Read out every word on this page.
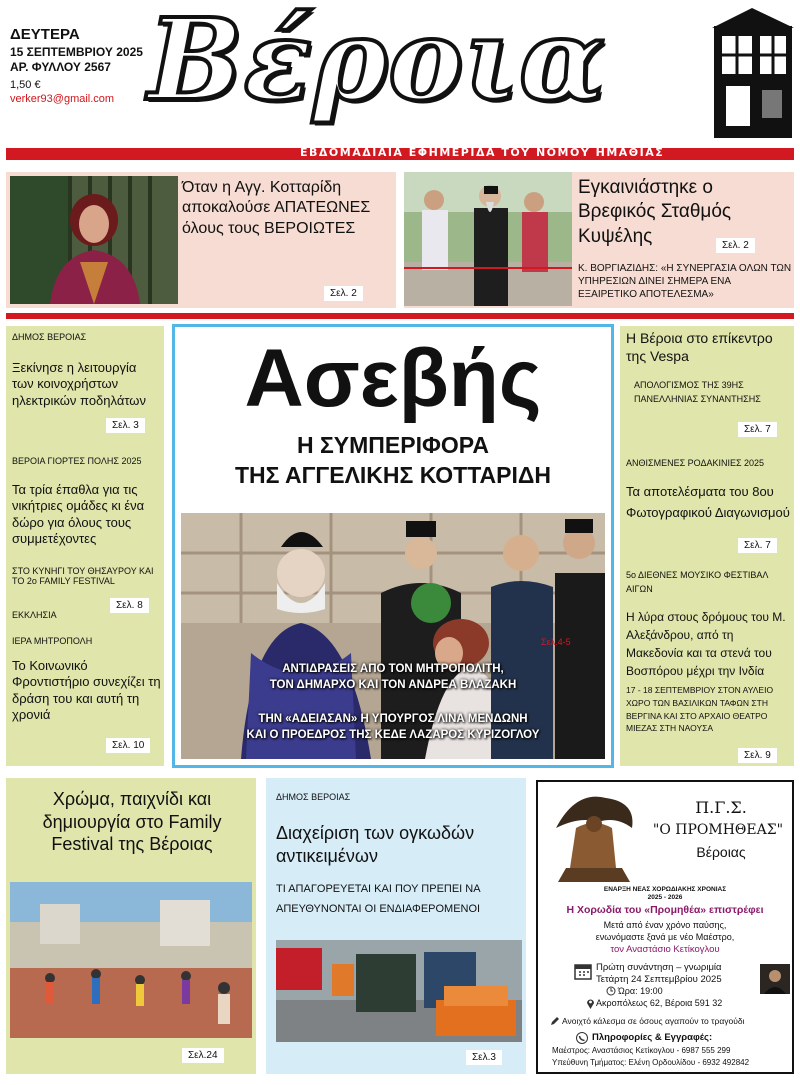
ΔΕΥΤΕΡΑ
15 ΣΕΠΤΕΜΒΡΙΟΥ 2025
ΑΡ. ΦΥΛΛΟΥ 2567
1,50 €
verker93@gmail.com Βέροια
ΕΒΔΟΜΑΔΙΑΙΑ ΕΦΗΜΕΡΙΔΑ ΤΟΥ ΝΟΜΟΥ ΗΜΑΘΙΑΣ
Όταν η Αγγ. Κοτταρίδη αποκαλούσε ΑΠΑΤΕΩΝΕΣ όλους τους ΒΕΡΟΙΩΤΕΣ
Σελ. 2
Εγκαινιάστηκε ο Βρεφικός Σταθμός Κυψέλης	Σελ. 2
Κ. ΒΟΡΓΙΑΖΙΔΗΣ: «Η ΣΥΝΕΡΓΑΣΙΑ ΟΛΩΝ ΤΩΝ ΥΠΗΡΕΣΙΩΝ ΔΙΝΕΙ ΣΗΜΕΡΑ ΕΝΑ ΕΞΑΙΡΕΤΙΚΟ ΑΠΟΤΕΛΕΣΜΑ»
ΔΗΜΟΣ ΒΕΡΟΙΑΣ
Ξεκίνησε η λειτουργία των κοινοχρήστων ηλεκτρικών ποδηλάτων
Σελ. 3
ΒΕΡΟΙΑ ΓΙΟΡΤΕΣ ΠΟΛΗΣ 2025
Τα τρία έπαθλα για τις νικήτριες ομάδες κι ένα δώρο για όλους τους συμμετέχοντες
ΣΤΟ ΚΥΝΗΓΙ ΤΟΥ ΘΗΣΑΥΡΟΥ ΚΑΙ ΤΟ 2ο FAMILY FESTIVAL
Σελ. 8
ΕΚΚΛΗΣΙΑ
ΙΕΡΑ ΜΗΤΡΟΠΟΛΗ
Το Κοινωνικό Φροντιστήριο συνεχίζει τη δράση του και αυτή τη χρονιά
Σελ. 10
Ασεβής
Η ΣΥΜΠΕΡΙΦΟΡΑ
ΤΗΣ ΑΓΓΕΛΙΚΗΣ ΚΟΤΤΑΡΙΔΗ
Σελ.4-5
ΑΝΤΙΔΡΑΣΕΙΣ ΑΠΟ ΤΟΝ ΜΗΤΡΟΠΟΛΙΤΗ,
ΤΟΝ ΔΗΜΑΡΧΟ ΚΑΙ ΤΟΝ ΑΝΔΡΕΑ ΒΛΑΖΑΚΗ
ΤΗΝ «ΑΔΕΙΑΣΑΝ» Η ΥΠΟΥΡΓΟΣ ΛΙΝΑ ΜΕΝΔΩΝΗ
ΚΑΙ Ο ΠΡΟΕΔΡΟΣ ΤΗΣ ΚΕΔΕ ΛΑΖΑΡΟΣ ΚΥΡΙΖΟΓΛΟΥ
Η Βέροια στο επίκεντρο της Vespa
ΑΠΟΛΟΓΙΣΜΟΣ ΤΗΣ 39ΗΣ ΠΑΝΕΛΛΗΝΙΑΣ ΣΥΝΑΝΤΗΣΗΣ
Σελ. 7
ΑΝΘΙΣΜΕΝΕΣ ΡΟΔΑΚΙΝΙΕΣ 2025
Τα αποτελέσματα του 8ου Φωτογραφικού Διαγωνισμού
Σελ. 7
5ο ΔΙΕΘΝΕΣ ΜΟΥΣΙΚΟ ΦΕΣΤΙΒΑΛ ΑΙΓΩΝ
Η λύρα στους δρόμους του Μ. Αλεξάνδρου, από τη Μακεδονία και τα στενά του Βοσπόρου μέχρι την Ινδία
17 - 18 ΣΕΠΤΕΜΒΡΙΟΥ ΣΤΟΝ ΑΥΛΕΙΟ ΧΩΡΟ ΤΩΝ ΒΑΣΙΛΙΚΩΝ ΤΑΦΩΝ ΣΤΗ ΒΕΡΓΙΝΑ ΚΑΙ ΣΤΟ ΑΡΧΑΙΟ ΘΕΑΤΡΟ ΜΙΕΖΑΣ ΣΤΗ ΝΑΟΥΣΑ
Σελ. 9
Χρώμα, παιχνίδι και δημιουργία στο Family Festival της Βέροιας
Σελ.24
ΔΗΜΟΣ ΒΕΡΟΙΑΣ
Διαχείριση των ογκωδών αντικειμένων
ΤΙ ΑΠΑΓΟΡΕΥΕΤΑΙ ΚΑΙ ΠΟΥ ΠΡΕΠΕΙ ΝΑ ΑΠΕΥΘΥΝΟΝΤΑΙ ΟΙ ΕΝΔΙΑΦΕΡΟΜΕΝΟΙ
Σελ.3
Π.Γ.Σ.
"Ο ΠΡΟΜΗΘΕΑΣ"
Βέροιας
ΕΝΑΡΞΗ ΝΕΑΣ ΧΟΡΩΔΙΑΚΗΣ ΧΡΟΝΙΑΣ
2025 - 2026
Η Χορωδία του «Προμηθέα» επιστρέφει
Μετά από έναν χρόνο παύσης,
ενωνόμαστε ξανά με νέο Μαέστρο,
τον Αναστάσιο Κετίκογλου
Πρώτη συνάντηση – γνωριμία
Τετάρτη 24 Σεπτεμβρίου 2025
Ώρα: 19:00
Ακροπόλεως 62, Βέροια 591 32
Ανοιχτό κάλεσμα σε όσους αγαπούν το τραγούδι
Πληροφορίες & Εγγραφές:
Μαέστρος: Αναστάσιος Κετίκογλου - 6987 555 299
Υπεύθυνη Τμήματος: Ελένη Ορδουλίδου - 6932 492842
